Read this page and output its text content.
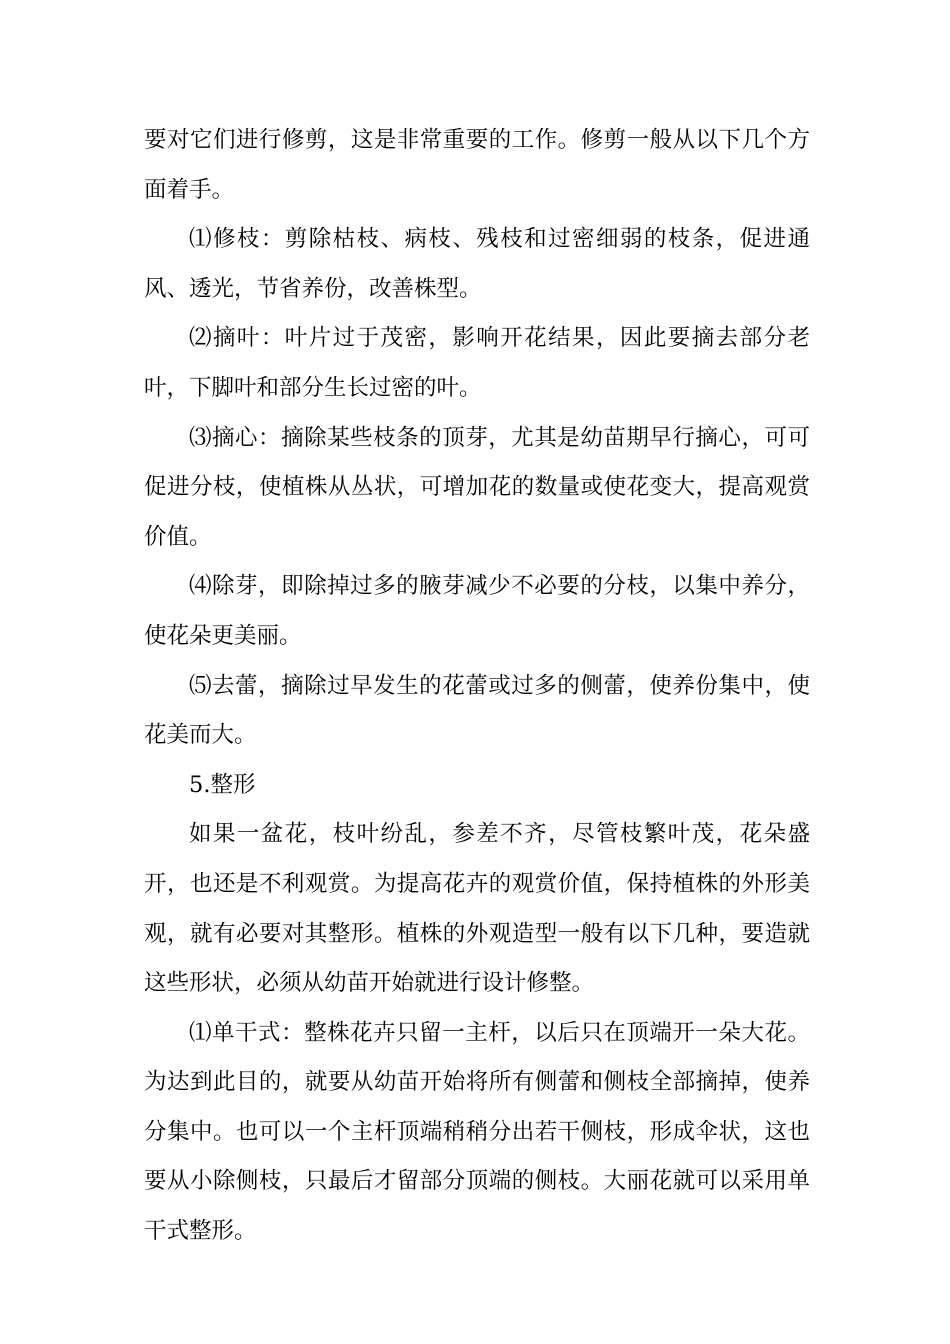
要对它们进行修剪，这是非常重要的工作。修剪一般从以下几个方面着手。

⑴修枝：剪除枯枝、病枝、残枝和过密细弱的枝条，促进通风、透光，节省养份，改善株型。

⑵摘叶：叶片过于茂密，影响开花结果，因此要摘去部分老叶，下脚叶和部分生长过密的叶。

⑶摘心：摘除某些枝条的顶芽，尤其是幼苗期早行摘心，可可促进分枝，使植株从丛状，可增加花的数量或使花变大，提高观赏价值。

⑷除芽，即除掉过多的腋芽减少不必要的分枝，以集中养分，使花朵更美丽。

⑸去蕾，摘除过早发生的花蕾或过多的侧蕾，使养份集中，使花美而大。

5.整形

如果一盆花，枝叶纷乱，参差不齐，尽管枝繁叶茂，花朵盛开，也还是不利观赏。为提高花卉的观赏价值，保持植株的外形美观，就有必要对其整形。植株的外观造型一般有以下几种，要造就这些形状，必须从幼苗开始就进行设计修整。

⑴单干式：整株花卉只留一主杆，以后只在顶端开一朵大花。为达到此目的，就要从幼苗开始将所有侧蕾和侧枝全部摘掉，使养分集中。也可以一个主杆顶端稍稍分出若干侧枝，形成伞状，这也要从小除侧枝，只最后才留部分顶端的侧枝。大丽花就可以采用单干式整形。
